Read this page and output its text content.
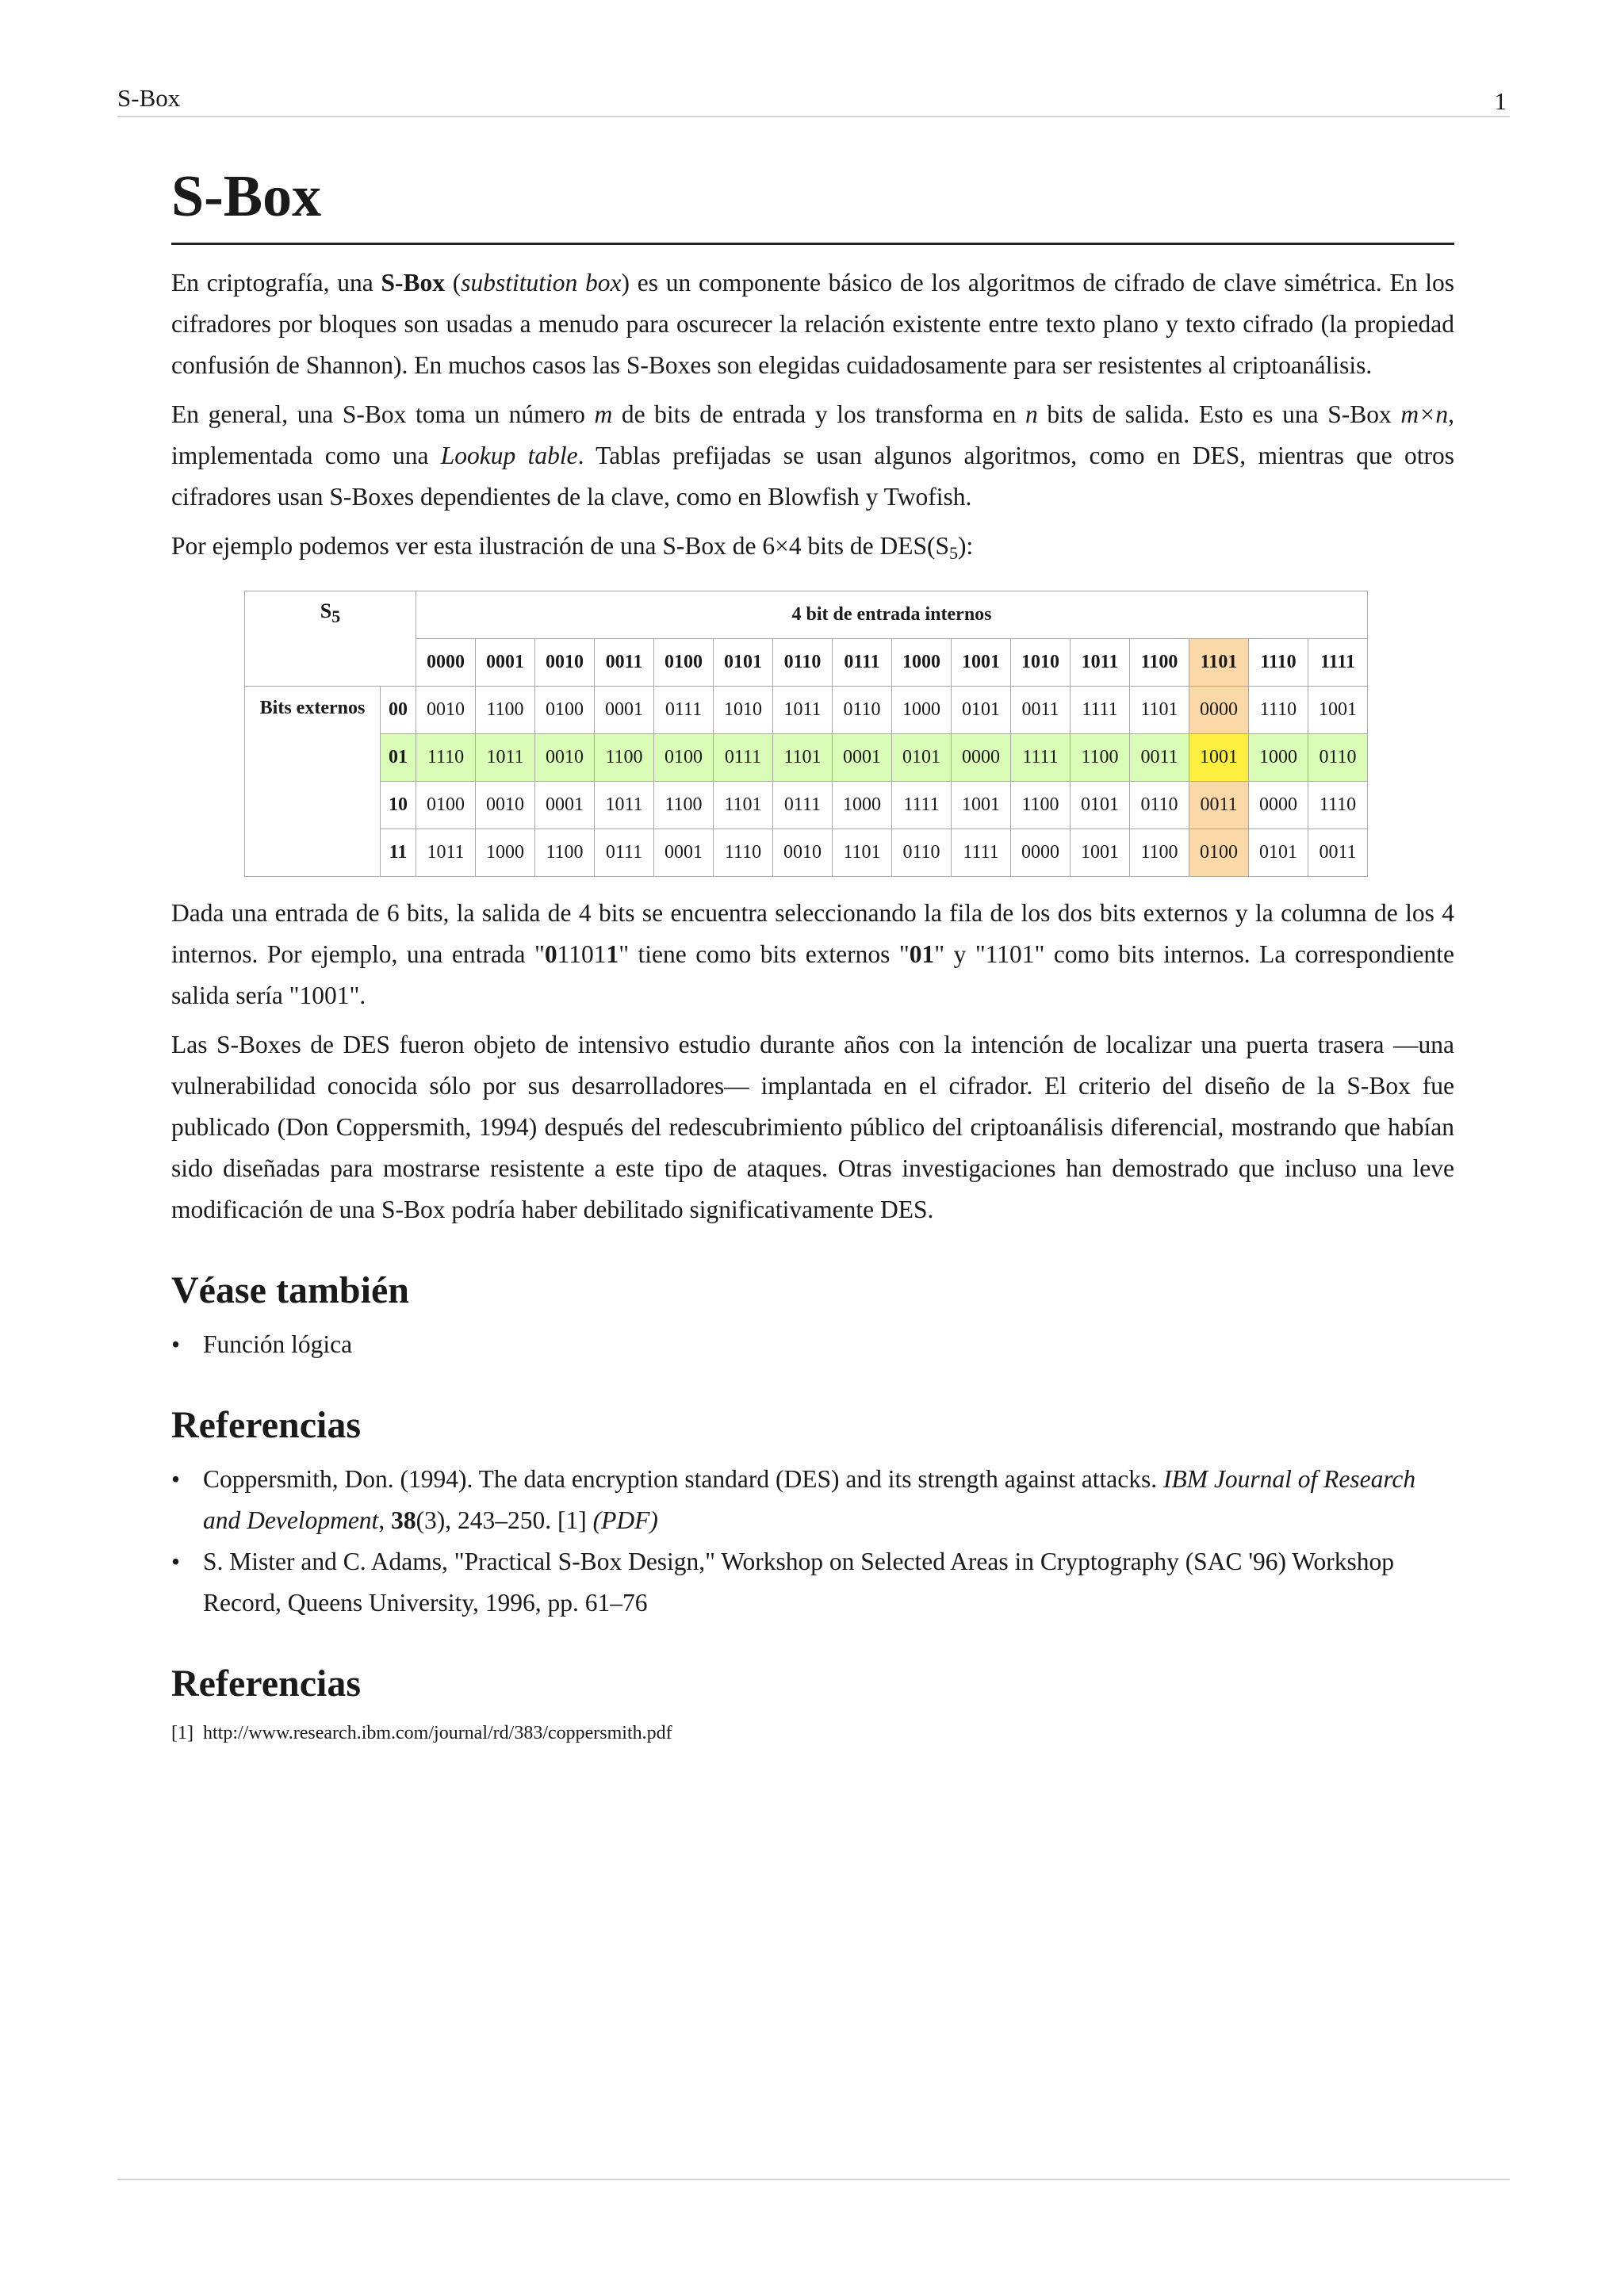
S-Box	1
S-Box

En criptografía, una S-Box (substitution box) es un componente básico de los algoritmos de cifrado de clave simétrica. En los cifradores por bloques son usadas a menudo para oscurecer la relación existente entre texto plano y texto cifrado (la propiedad confusión de Shannon). En muchos casos las S-Boxes son elegidas cuidadosamente para ser resistentes al criptoanálisis.

En general, una S-Box toma un número m de bits de entrada y los transforma en n bits de salida. Esto es una S-Box m×n, implementada como una Lookup table. Tablas prefijadas se usan algunos algoritmos, como en DES, mientras que otros cifradores usan S-Boxes dependientes de la clave, como en Blowfish y Twofish.

Por ejemplo podemos ver esta ilustración de una S-Box de 6×4 bits de $DES(S_5)$:

$S_5$		4 bit de entrada internos															
		0000	0001	0010	0011	0100	0101	0110	0111	1000	1001	1010	1011	1100	1101	1110	1111
Bits externos	00	0010	1100	0100	0001	0111	1010	1011	0110	1000	0101	0011	1111	1101	0000	1110	1001
	01	1110	1011	0010	1100	0100	0111	1101	0001	0101	0000	1111	1100	0011	1001	1000	0110
	10	0100	0010	0001	1011	1100	1101	0111	1000	1111	1001	1100	0101	0110	0011	0000	1110
	11	1011	1000	1100	0111	0001	1110	0010	1101	0110	1111	0000	1001	1100	0100	0101	0011

Dada una entrada de 6 bits, la salida de 4 bits se encuentra seleccionando la fila de los dos bits externos y la columna de los 4 internos. Por ejemplo, una entrada "011011" tiene como bits externos "01" y "1101" como bits internos. La correspondiente salida sería "1001".

Las S-Boxes de DES fueron objeto de intensivo estudio durante años con la intención de localizar una puerta trasera —una vulnerabilidad conocida sólo por sus desarrolladores— implantada en el cifrador. El criterio del diseño de la S-Box fue publicado (Don Coppersmith, 1994) después del redescubrimiento público del criptoanálisis diferencial, mostrando que habían sido diseñadas para mostrarse resistente a este tipo de ataques. Otras investigaciones han demostrado que incluso una leve modificación de una S-Box podría haber debilitado significativamente DES.

Véase también
• Función lógica
Referencias
• Coppersmith, Don. (1994). The data encryption standard (DES) and its strength against attacks. IBM Journal of Research and Development, 38(3), 243–250. [1] (PDF)
• S. Mister and C. Adams, "Practical S-Box Design," Workshop on Selected Areas in Cryptography (SAC '96) Workshop Record, Queens University, 1996, pp. 61–76
Referencias
[1] http://www.research.ibm.com/journal/rd/383/coppersmith.pdf
